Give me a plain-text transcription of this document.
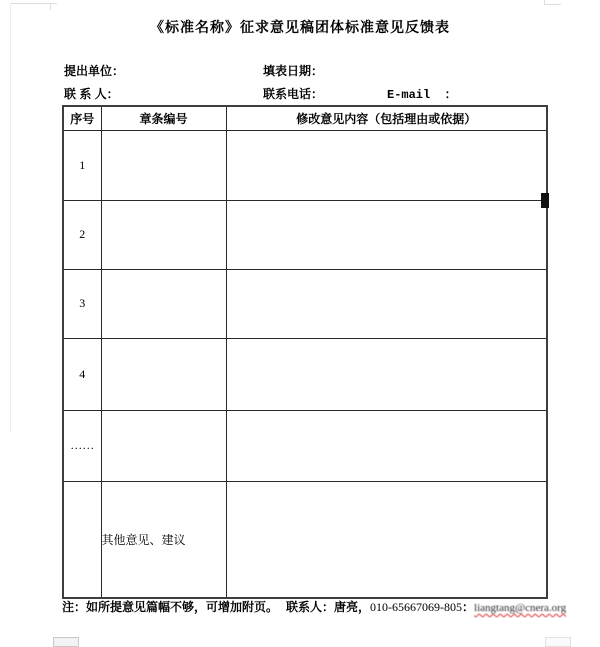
《标准名称》征求意见稿团体标准意见反馈表
提出单位：	填表日期：
联 系 人：	联系电话：	E-mail  ：
序号	章条编号	修改意见内容（包括理由或依据）
1		
2		
3		
4		
……		
	其他意见、建议	
注：如所提意见篇幅不够，可增加附页。 联系人：唐亮，010-65667069-805：liangtang@cnera.org
